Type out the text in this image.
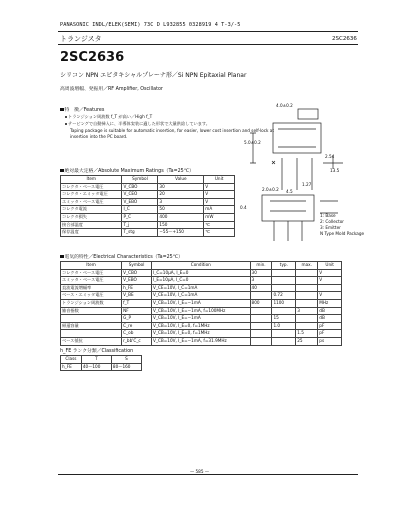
PANASONIC INDL/ELEK(SEMI) 73C D L932855 0328919 4 T-3/-5
トランジスタ	2SC2636
2SC2636
シリコン NPN エピタキシャルプレーナ形／Si NPN Epitaxial Planar
高周波増幅、発振用／RF Amplifier, Oscillator
特　徴／Features
トランジション周波数 f_T が高い／High f_T
テーピングで自動挿入に、半導体実装に適した形状で大量供給しています。
Taping package is suitable for automatic insertion, for easier, lower cost insertion and self-lock at insertion into the PC board.
4.0±0.2
5.0±0.2
13.5
2.54
1.27
4.5
0.4
2.0±0.2
1: Base
2: Collector
3: Emitter
N Type Mold Package
絶対最大定格／Absolute Maximum Ratings（Ta=25℃）
Item	Symbol	Value	Unit
コレクタ・ベース電圧	V_CBO	30	V
コレクタ・エミッタ電圧	V_CEO	20	V
エミッタ・ベース電圧	V_EBO	3	V
コレクタ電流	I_C	50	mA
コレクタ損失	P_C	400	mW
接合部温度	T_j	150	℃
保存温度	T_stg	−55～+150	℃
電気的特性／Electrical Characteristics（Ta=25℃）
Item	Symbol	Condition	min.	typ.	max.	Unit
コレクタ・ベース電圧	V_CBO	I_C=10μA, I_E=0	30			V
エミッタ・ベース電圧	V_EBO	I_E=10μA, I_C=0	3			V
直流電流増幅率	h_FE	V_CE=10V, I_C=1mA	40			
ベース・エミッタ電圧	V_BE	V_CE=10V, I_C=1mA		0.72		V
トランジション周波数	f_T	V_CB=10V, I_E=−1mA	800	1100		MHz
雑音指数	NF	V_CB=10V, I_E=−1mA, f=100MHz			3	dB
	G_P	V_CB=10V, I_E=−1mA		15		dB
帰還容量	C_re	V_CB=10V, I_E=0, f=1MHz		1.0		pF
	C_ob	V_CB=10V, I_E=0, f=1MHz			1.5	pF
ベース抵抗	r_bb'C_c	V_CB=10V, I_E=−1mA, f=31.9MHz			25	ps
h_FE ランク分類／Classification
Class	T	S
h_FE	40～100	80～160
— 585 —
